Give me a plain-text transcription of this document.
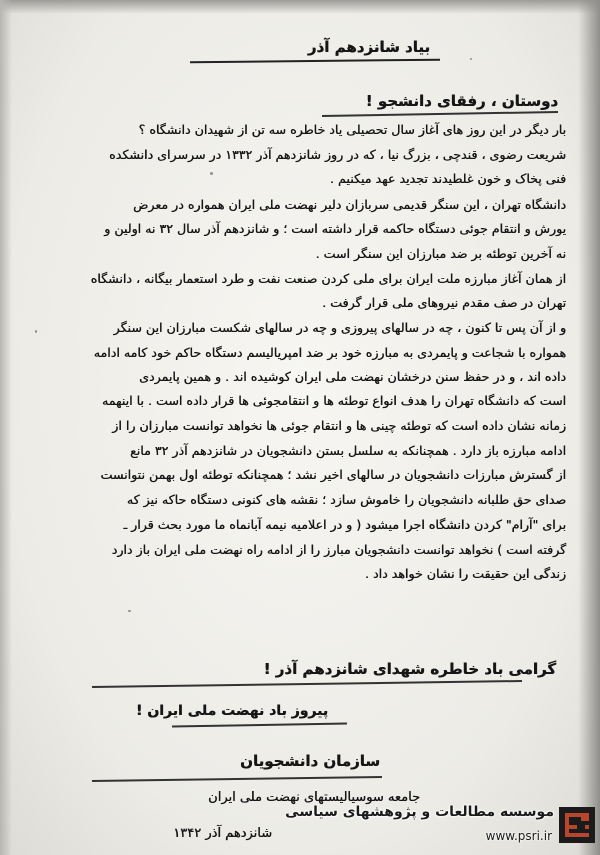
بیاد شانزدهم آذر
دوستان ، رفقای دانشجو !
بار دیگر در این روز های آغاز سال تحصیلی یاد خاطره سه تن از شهیدان دانشگاه ؟
شریعت رضوی ، قندچی ، بزرگ نیا ، که در روز شانزدهم آذر ۱۳۳۲ در سرسرای دانشکده
فنی پخاک و خون غلطیدند تجدید عهد میکنیم .
دانشگاه تهران ، این سنگر قدیمی سربازان دلیر نهضت ملی ایران همواره در معرض
یورش و انتقام جوئی دستگاه حاکمه قرار داشته است ؛ و شانزدهم آذر سال ۳۲ نه اولین و
نه آخرین توطئه بر ضد مبارزان این سنگر است .
از همان آغاز مبارزه ملت ایران برای ملی کردن صنعت نفت و طرد استعمار بیگانه ، دانشگاه
تهران در صف مقدم نیروهای ملی قرار گرفت .
و از آن پس تا کنون ، چه در سالهای پیروزی و چه در سالهای شکست مبارزان این سنگر
همواره با شجاعت و پایمردی به مبارزه خود بر ضد امپریالیسم دستگاه حاکم خود کامه ادامه
داده اند ، و در حفظ سنن درخشان نهضت ملی ایران کوشیده اند . و همین پایمردی
است که دانشگاه تهران را هدف انواع توطئه ها و انتقامجوئی ها قرار داده است . با اینهمه
زمانه نشان داده است که توطئه چینی ها و انتقام جوئی ها نخواهد توانست مبارزان را از
ادامه مبارزه باز دارد . همچنانکه به سلسل بستن دانشجویان در شانزدهم آذر ۳۲ مانع
از گسترش مبارزات دانشجویان در سالهای اخیر نشد ؛ همچنانکه توطئه اول بهمن نتوانست
صدای حق طلبانه دانشجویان را خاموش سازد ؛ نقشه های کنونی دستگاه حاکه نیز که
برای "آرام" کردن دانشگاه اجرا میشود ( و در اعلامیه نیمه آبانماه ما مورد بحث قرار ـ
گرفته است ) نخواهد توانست دانشجویان مبارز را از ادامه راه نهضت ملی ایران باز دارد
زندگی این حقیقت را نشان خواهد داد .
گرامی باد خاطره شهدای شانزدهم آذر !
پیروز باد نهضت ملی ایران !
سازمان دانشجویان
جامعه سوسیالیستهای نهضت ملی ایران
شانزدهم آذر ۱۳۴۲
موسسه مطالعات و پژوهشهای سیاسی
www.psri.ir
